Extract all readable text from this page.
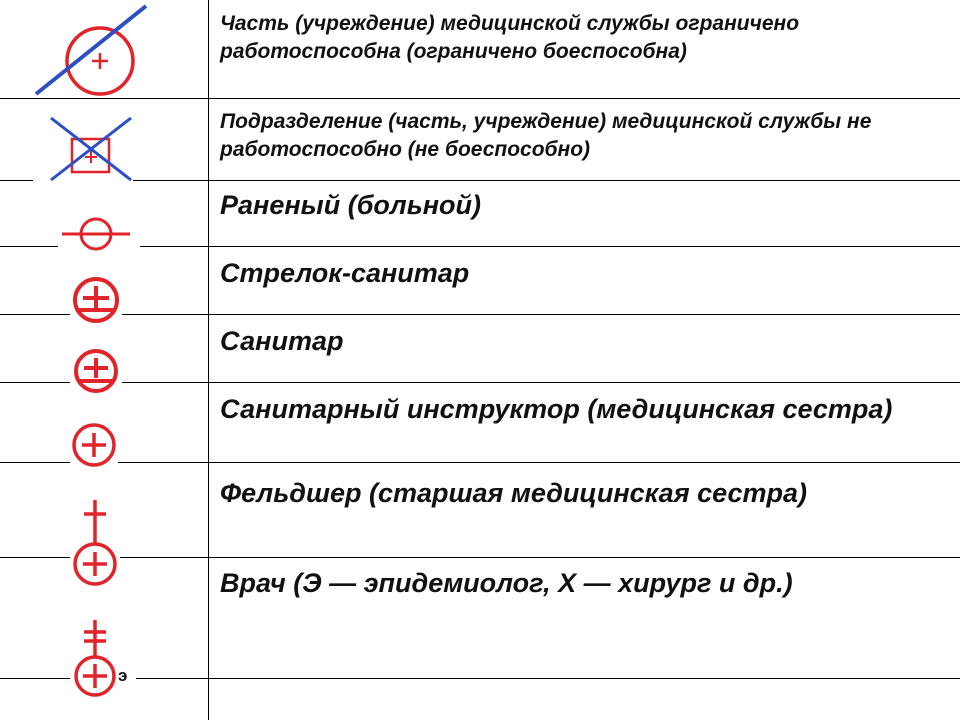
Часть (учреждение) медицинской службы ограничено работоспособна (ограничено боеспособна)

Подразделение (часть, учреждение) медицинской службы не работоспособно (не боеспособно)

Раненый (больной)

Стрелок-санитар

Санитар

Санитарный инструктор (медицинская сестра)

Фельдшер (старшая медицинская сестра)

э

Врач (Э — эпидемиолог, Х — хирург и др.)
